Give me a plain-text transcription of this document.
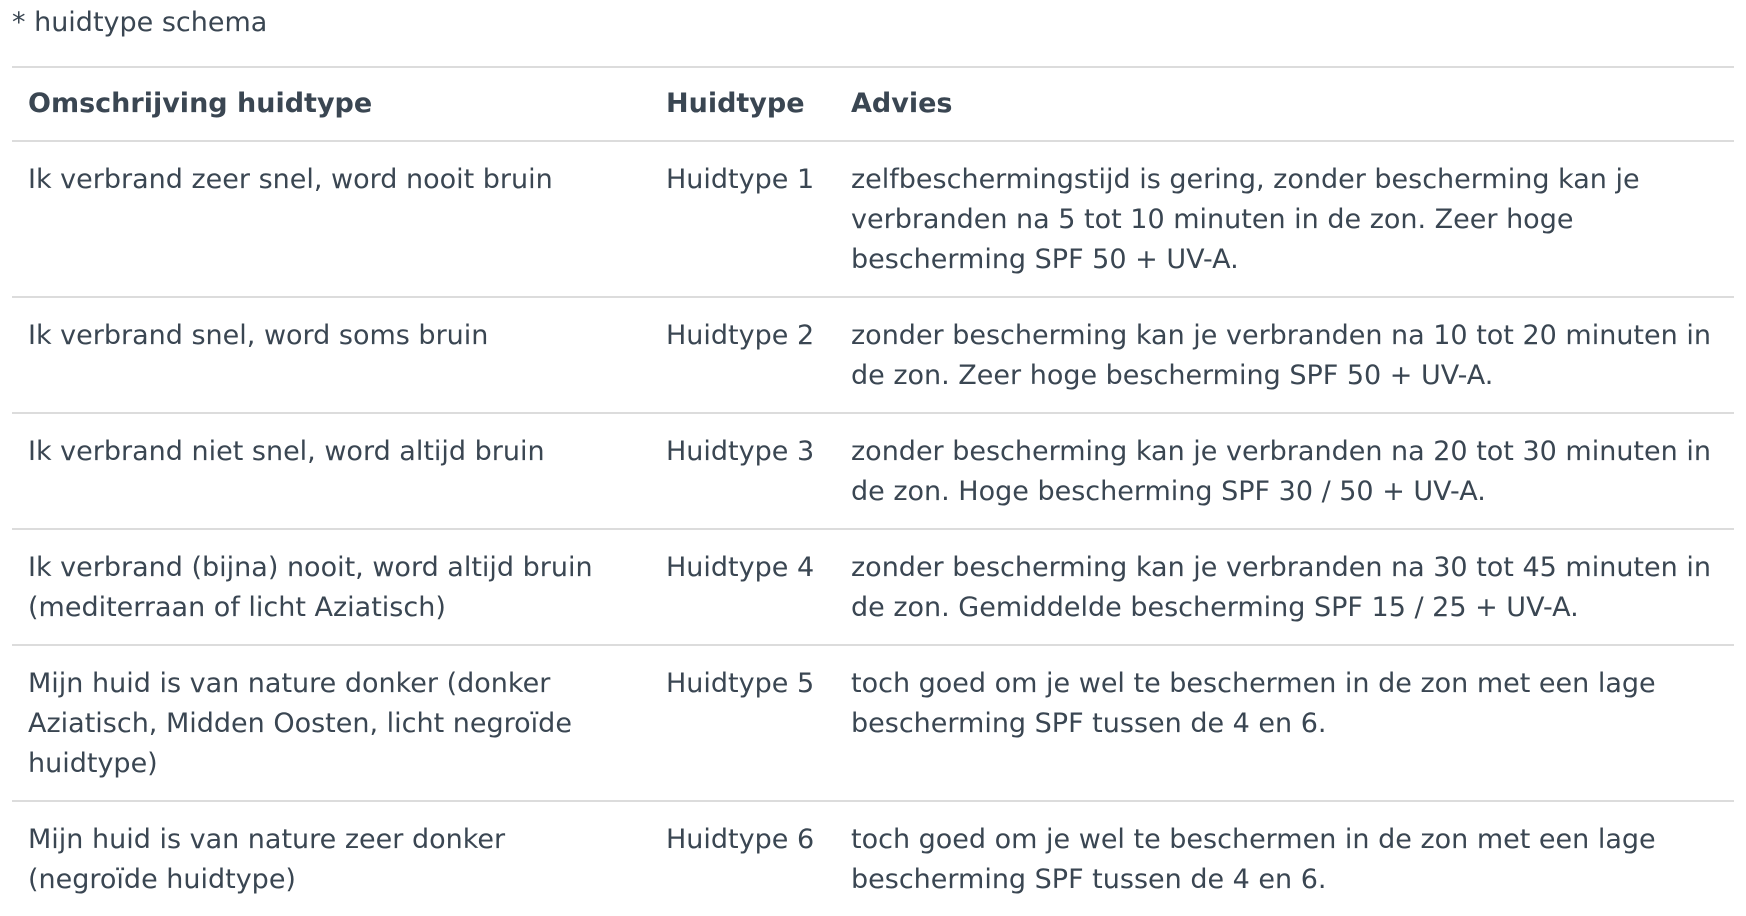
* huidtype schema
Omschrijving huidtype	Huidtype	Advies
Ik verbrand zeer snel, word nooit bruin	Huidtype 1	zelfbeschermingstijd is gering, zonder bescherming kan je verbranden na 5 tot 10 minuten in de zon. Zeer hoge bescherming SPF 50 + UV-A.
Ik verbrand snel, word soms bruin	Huidtype 2	zonder bescherming kan je verbranden na 10 tot 20 minuten in de zon. Zeer hoge bescherming SPF 50 + UV-A.
Ik verbrand niet snel, word altijd bruin	Huidtype 3	zonder bescherming kan je verbranden na 20 tot 30 minuten in de zon. Hoge bescherming SPF 30 / 50 + UV-A.
Ik verbrand (bijna) nooit, word altijd bruin (mediterraan of licht Aziatisch)	Huidtype 4	zonder bescherming kan je verbranden na 30 tot 45 minuten in de zon. Gemiddelde bescherming SPF 15 / 25 + UV-A.
Mijn huid is van nature donker (donker Aziatisch, Midden Oosten, licht negroïde huidtype)	Huidtype 5	toch goed om je wel te beschermen in de zon met een lage bescherming SPF tussen de 4 en 6.
Mijn huid is van nature zeer donker (negroïde huidtype)	Huidtype 6	toch goed om je wel te beschermen in de zon met een lage bescherming SPF tussen de 4 en 6.
